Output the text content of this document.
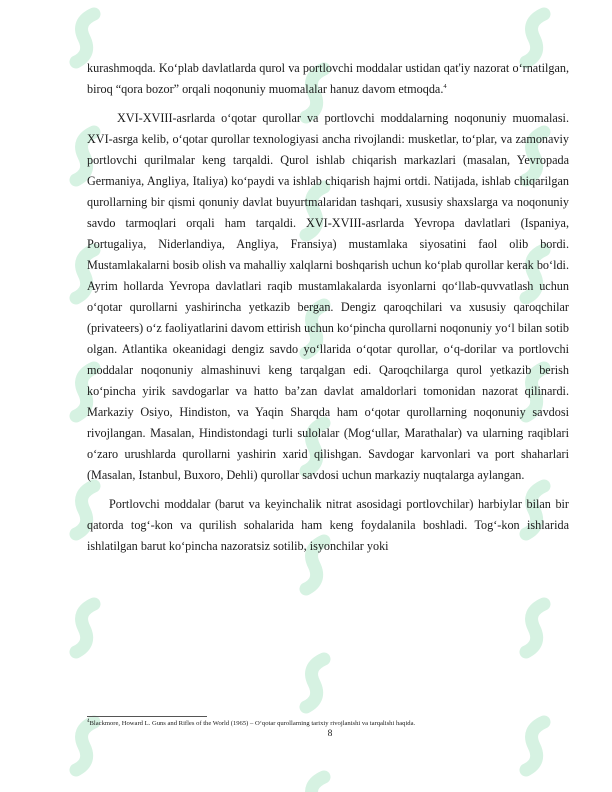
kurashmoqda. Ko‘plab davlatlarda qurol va portlovchi moddalar ustidan qat'iy nazorat o‘rnatilgan, biroq “qora bozor” orqali noqonuniy muomalalar hanuz davom etmoqda.$^4$

XVI-XVIII-asrlarda o‘qotar qurollar va portlovchi moddalarning noqonuniy muomalasi. XVI-asrga kelib, o‘qotar qurollar texnologiyasi ancha rivojlandi: musketlar, to‘plar, va zamonaviy portlovchi qurilmalar keng tarqaldi. Qurol ishlab chiqarish markazlari (masalan, Yevropada Germaniya, Angliya, Italiya) ko‘paydi va ishlab chiqarish hajmi ortdi. Natijada, ishlab chiqarilgan qurollarning bir qismi qonuniy davlat buyurtmalaridan tashqari, xususiy shaxslarga va noqonuniy savdo tarmoqlari orqali ham tarqaldi. XVI-XVIII-asrlarda Yevropa davlatlari (Ispaniya, Portugaliya, Niderlandiya, Angliya, Fransiya) mustamlaka siyosatini faol olib bordi. Mustamlakalarni bosib olish va mahalliy xalqlarni boshqarish uchun ko‘plab qurollar kerak bo‘ldi. Ayrim hollarda Yevropa davlatlari raqib mustamlakalarda isyonlarni qo‘llab-quvvatlash uchun o‘qotar qurollarni yashirincha yetkazib bergan. Dengiz qaroqchilari va xususiy qaroqchilar (privateers) o‘z faoliyatlarini davom ettirish uchun ko‘pincha qurollarni noqonuniy yo‘l bilan sotib olgan. Atlantika okeanidagi dengiz savdo yo‘llarida o‘qotar qurollar, o‘q-dorilar va portlovchi moddalar noqonuniy almashinuvi keng tarqalgan edi. Qaroqchilarga qurol yetkazib berish ko‘pincha yirik savdogarlar va hatto ba’zan davlat amaldorlari tomonidan nazorat qilinardi. Markaziy Osiyo, Hindiston, va Yaqin Sharqda ham o‘qotar qurollarning noqonuniy savdosi rivojlangan. Masalan, Hindistondagi turli sulolalar (Mog‘ullar, Marathalar) va ularning raqiblari o‘zaro urushlarda qurollarni yashirin xarid qilishgan. Savdogar karvonlari va port shaharlari (Masalan, Istanbul, Buxoro, Dehli) qurollar savdosi uchun markaziy nuqtalarga aylangan.

Portlovchi moddalar (barut va keyinchalik nitrat asosidagi portlovchilar) harbiylar bilan bir qatorda tog‘-kon va qurilish sohalarida ham keng foydalanila boshladi. Tog‘-kon ishlarida ishlatilgan barut ko‘pincha nazoratsiz sotilib, isyonchilar yoki

$^4$Blackmore, Howard L. Guns and Rifles of the World (1965) – O‘qotar qurollarning tarixiy rivojlanishi va tarqalishi haqida.
8
